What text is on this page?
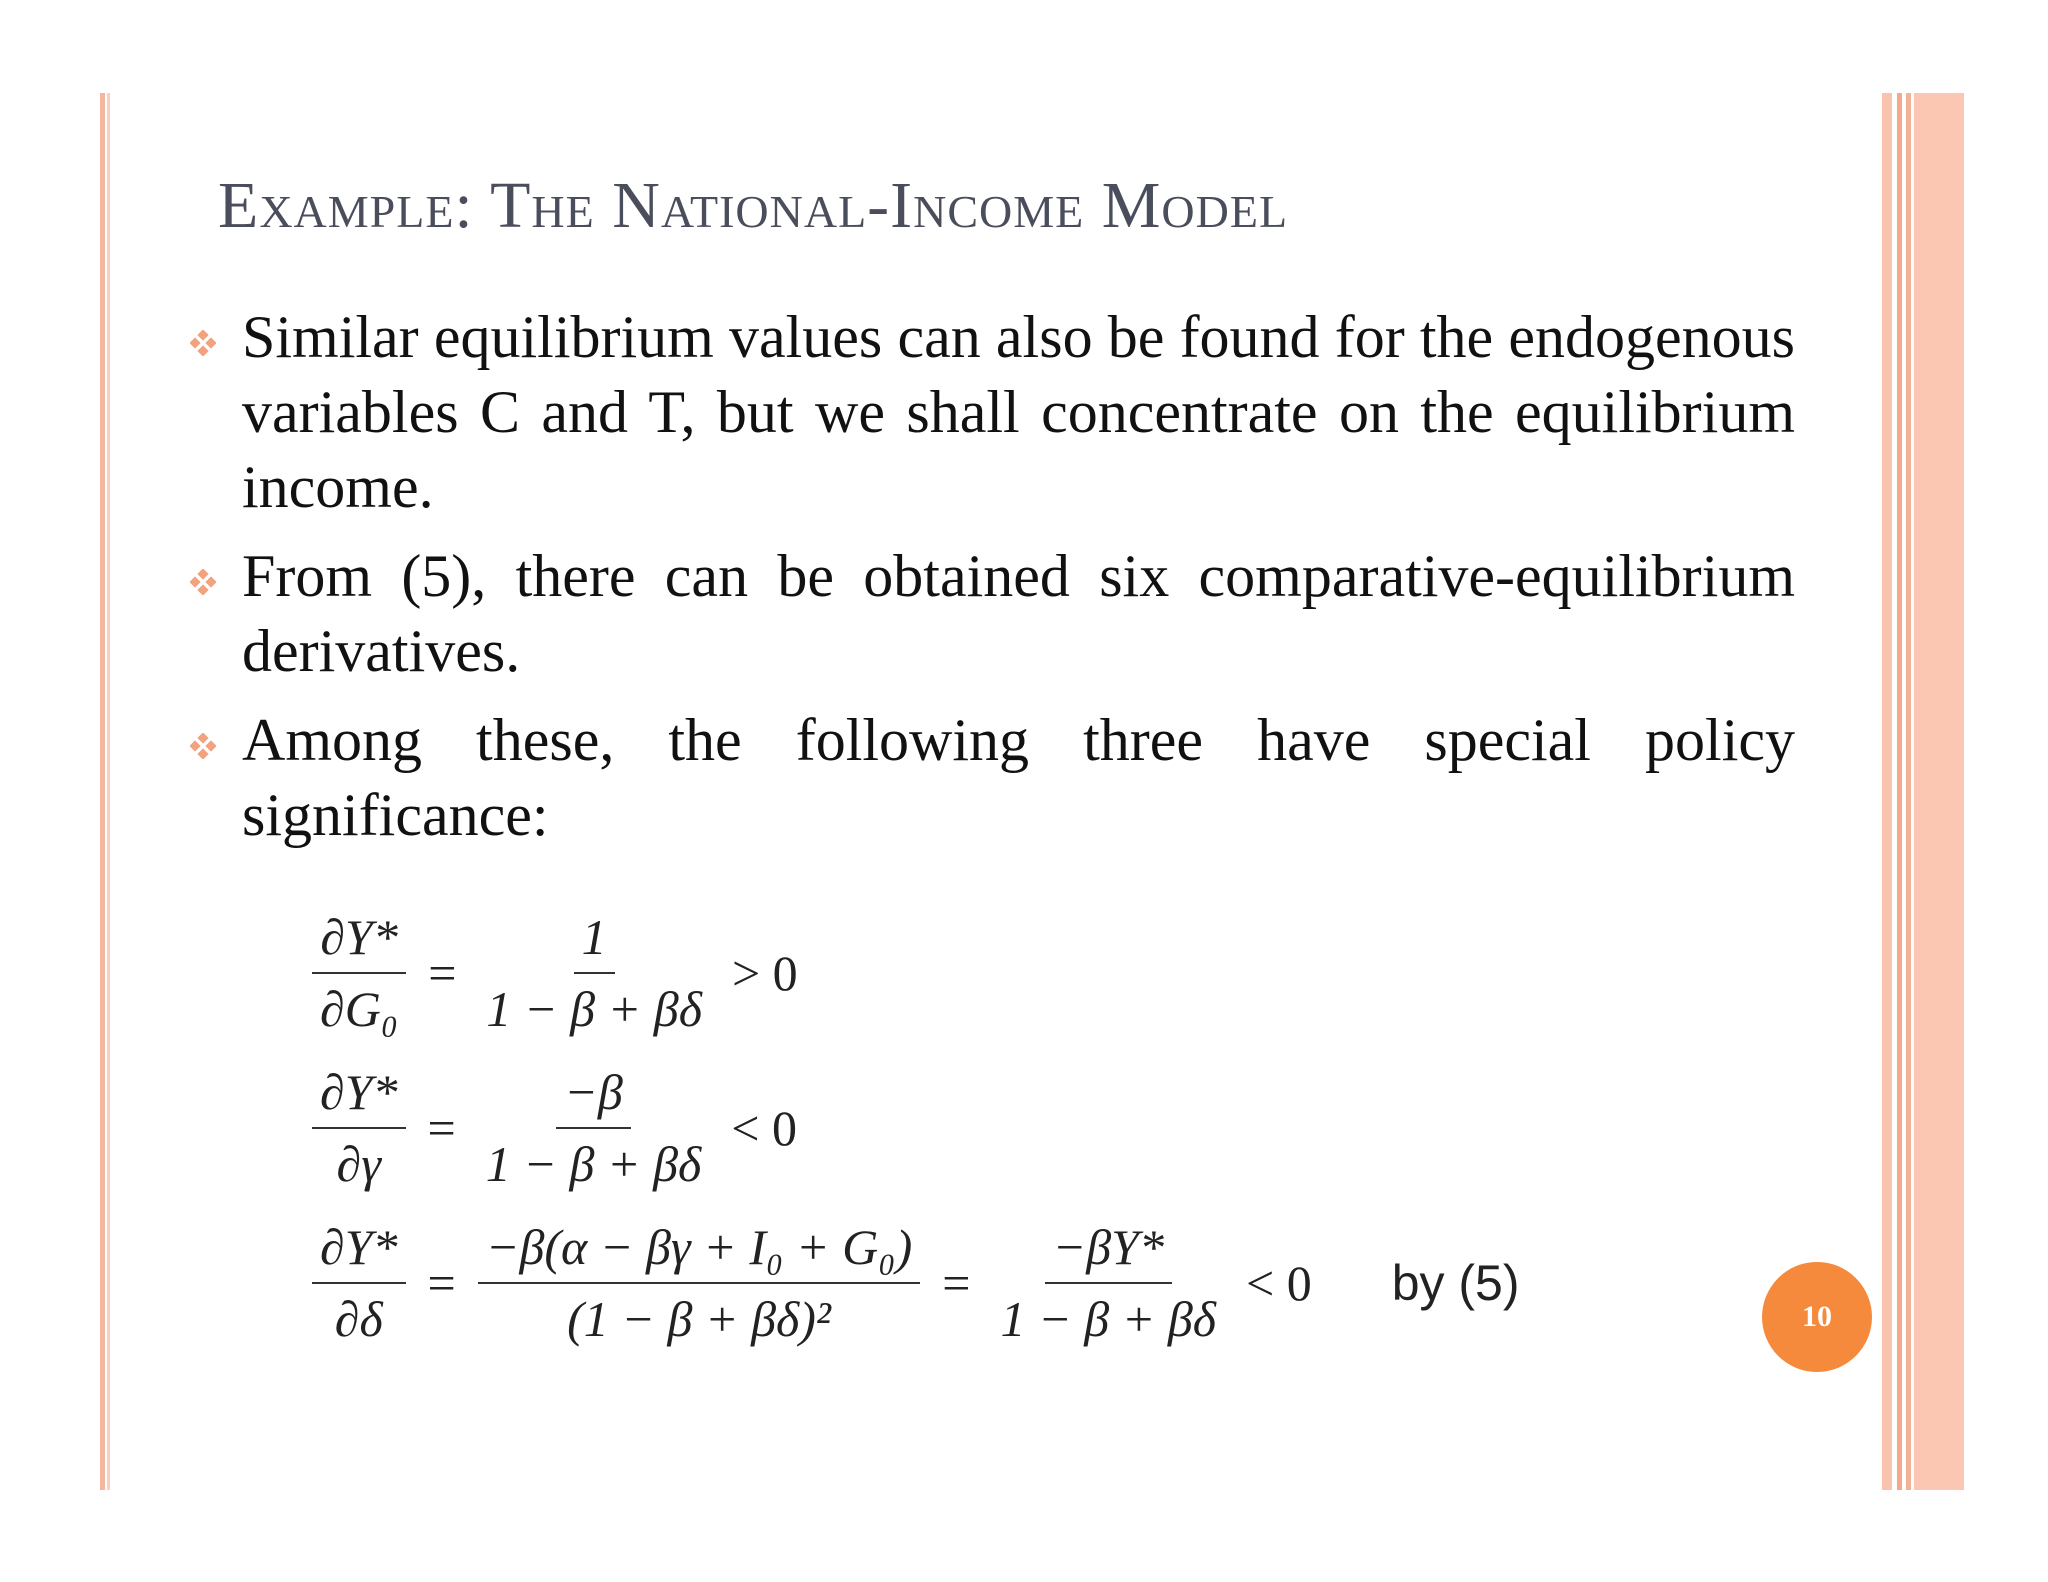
Example: The National-Income Model
Similar equilibrium values can also be found for the endogenous variables C and T, but we shall concentrate on the equilibrium income.
From (5), there can be obtained six comparative-equilibrium derivatives.
Among these, the following three have special policy significance:
$\frac{\partial Y*}{\text{∂G₀}} = \frac{1}{1 - \beta + \beta\delta} > 0$
$\frac{\partial Y*}{\partial\gamma} = \frac{-\beta}{1 - \beta + \beta\delta} < 0$
$\frac{\partial Y*}{\partial\delta} = \frac{\text{−β(α − βγ + I₀ + G₀)}}{\text{(1 − β + βδ)²}} = \frac{-\beta Y*}{1 - \beta + \beta\delta} < 0$ by (5)
10
